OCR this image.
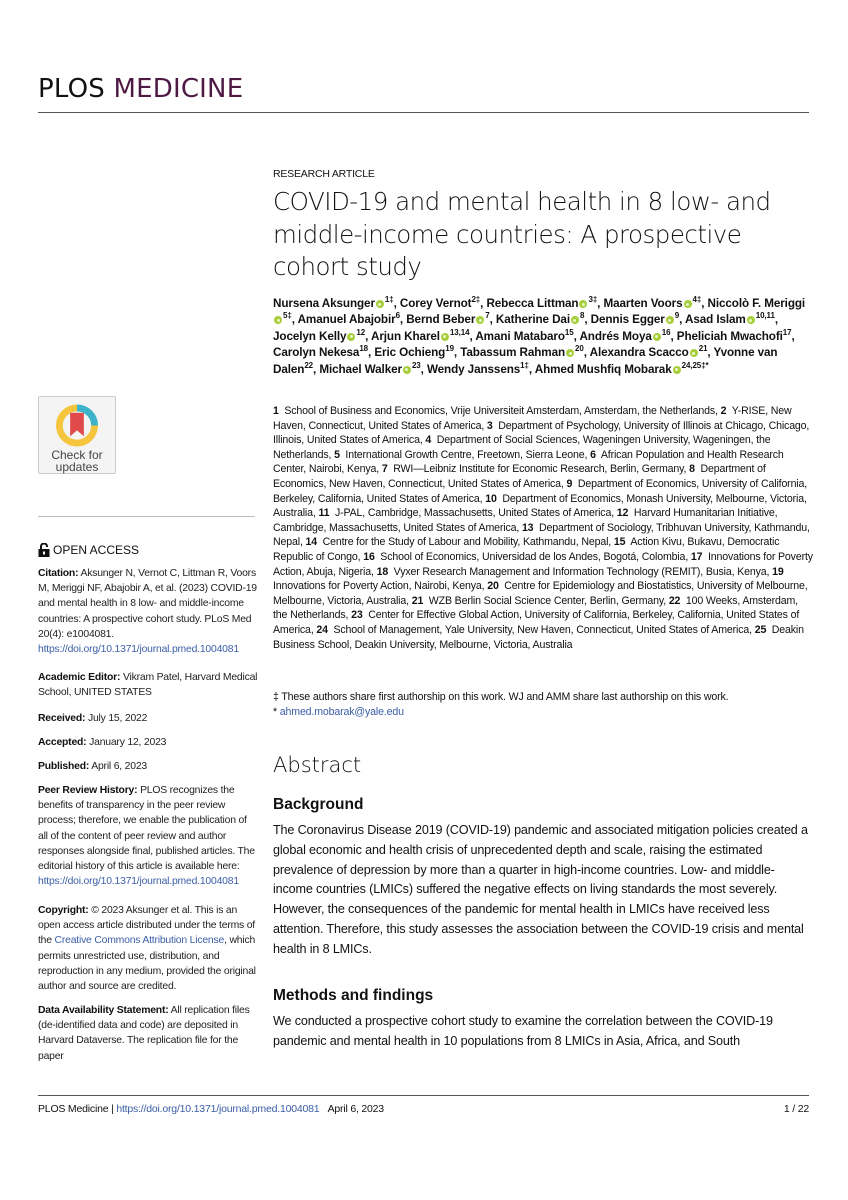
PLOS MEDICINE
Check for
updates
OPEN ACCESS
Citation: Aksunger N, Vernot C, Littman R, Voors M, Meriggi NF, Abajobir A, et al. (2023) COVID-19 and mental health in 8 low- and middle-income countries: A prospective cohort study. PLoS Med 20(4): e1004081. https://doi.org/10.1371/journal.pmed.1004081
Academic Editor: Vikram Patel, Harvard Medical School, UNITED STATES
Received: July 15, 2022
Accepted: January 12, 2023
Published: April 6, 2023
Peer Review History: PLOS recognizes the benefits of transparency in the peer review process; therefore, we enable the publication of all of the content of peer review and author responses alongside final, published articles. The editorial history of this article is available here: https://doi.org/10.1371/journal.pmed.1004081
Copyright: © 2023 Aksunger et al. This is an open access article distributed under the terms of the Creative Commons Attribution License, which permits unrestricted use, distribution, and reproduction in any medium, provided the original author and source are credited.
Data Availability Statement: All replication files (de-identified data and code) are deposited in Harvard Dataverse. The replication file for the paper
RESEARCH ARTICLE
COVID-19 and mental health in 8 low- and middle-income countries: A prospective cohort study
Nursena Aksunger $^{1\ddagger}$, Corey Vernot$^{2\ddagger}$, Rebecca Littman $^{3\ddagger}$, Maarten Voors $^{4\ddagger}$, Niccolò F. Meriggi$^{5\ddagger}$, Amanuel Abajobir$^6$, Bernd Beber $^7$, Katherine Dai $^8$, Dennis Egger $^9$, Asad Islam $^{10,11}$, Jocelyn Kelly $^{12}$, Arjun Kharel $^{13,14}$, Amani Matabaro$^{15}$, Andrés Moya $^{16}$, Pheliciah Mwachofi$^{17}$, Carolyn Nekesa$^{18}$, Eric Ochieng$^{19}$, Tabassum Rahman $^{20}$, Alexandra Scacco $^{21}$, Yvonne van Dalen$^{22}$, Michael Walker $^{23}$, Wendy Janssens$^{1\ddagger}$, Ahmed Mushfiq Mobarak $^{24,25\ddagger*}$
1 School of Business and Economics, Vrije Universiteit Amsterdam, Amsterdam, the Netherlands, 2 Y-RISE, New Haven, Connecticut, United States of America, 3 Department of Psychology, University of Illinois at Chicago, Chicago, Illinois, United States of America, 4 Department of Social Sciences, Wageningen University, Wageningen, the Netherlands, 5 International Growth Centre, Freetown, Sierra Leone, 6 African Population and Health Research Center, Nairobi, Kenya, 7 RWI—Leibniz Institute for Economic Research, Berlin, Germany, 8 Department of Economics, New Haven, Connecticut, United States of America, 9 Department of Economics, University of California, Berkeley, California, United States of America, 10 Department of Economics, Monash University, Melbourne, Victoria, Australia, 11 J-PAL, Cambridge, Massachusetts, United States of America, 12 Harvard Humanitarian Initiative, Cambridge, Massachusetts, United States of America, 13 Department of Sociology, Tribhuvan University, Kathmandu, Nepal, 14 Centre for the Study of Labour and Mobility, Kathmandu, Nepal, 15 Action Kivu, Bukavu, Democratic Republic of Congo, 16 School of Economics, Universidad de los Andes, Bogotá, Colombia, 17 Innovations for Poverty Action, Abuja, Nigeria, 18 Vyxer Research Management and Information Technology (REMIT), Busia, Kenya, 19  Innovations for Poverty Action, Nairobi, Kenya, 20 Centre for Epidemiology and Biostatistics, University of Melbourne, Melbourne, Victoria, Australia, 21 WZB Berlin Social Science Center, Berlin, Germany, 22 100 Weeks, Amsterdam, the Netherlands, 23 Center for Effective Global Action, University of California, Berkeley, California, United States of America, 24 School of Management, Yale University, New Haven, Connecticut, United States of America, 25 Deakin Business School, Deakin University, Melbourne, Victoria, Australia
‡ These authors share first authorship on this work. WJ and AMM share last authorship on this work.
* ahmed.mobarak@yale.edu
Abstract
Background

The Coronavirus Disease 2019 (COVID-19) pandemic and associated mitigation policies created a global economic and health crisis of unprecedented depth and scale, raising the estimated prevalence of depression by more than a quarter in high-income countries. Low- and middle-income countries (LMICs) suffered the negative effects on living standards the most severely. However, the consequences of the pandemic for mental health in LMICs have received less attention. Therefore, this study assesses the association between the COVID-19 crisis and mental health in 8 LMICs.

Methods and findings

We conducted a prospective cohort study to examine the correlation between the COVID-19 pandemic and mental health in 10 populations from 8 LMICs in Asia, Africa, and South

PLOS Medicine | https://doi.org/10.1371/journal.pmed.1004081 April 6, 2023	1 / 22
